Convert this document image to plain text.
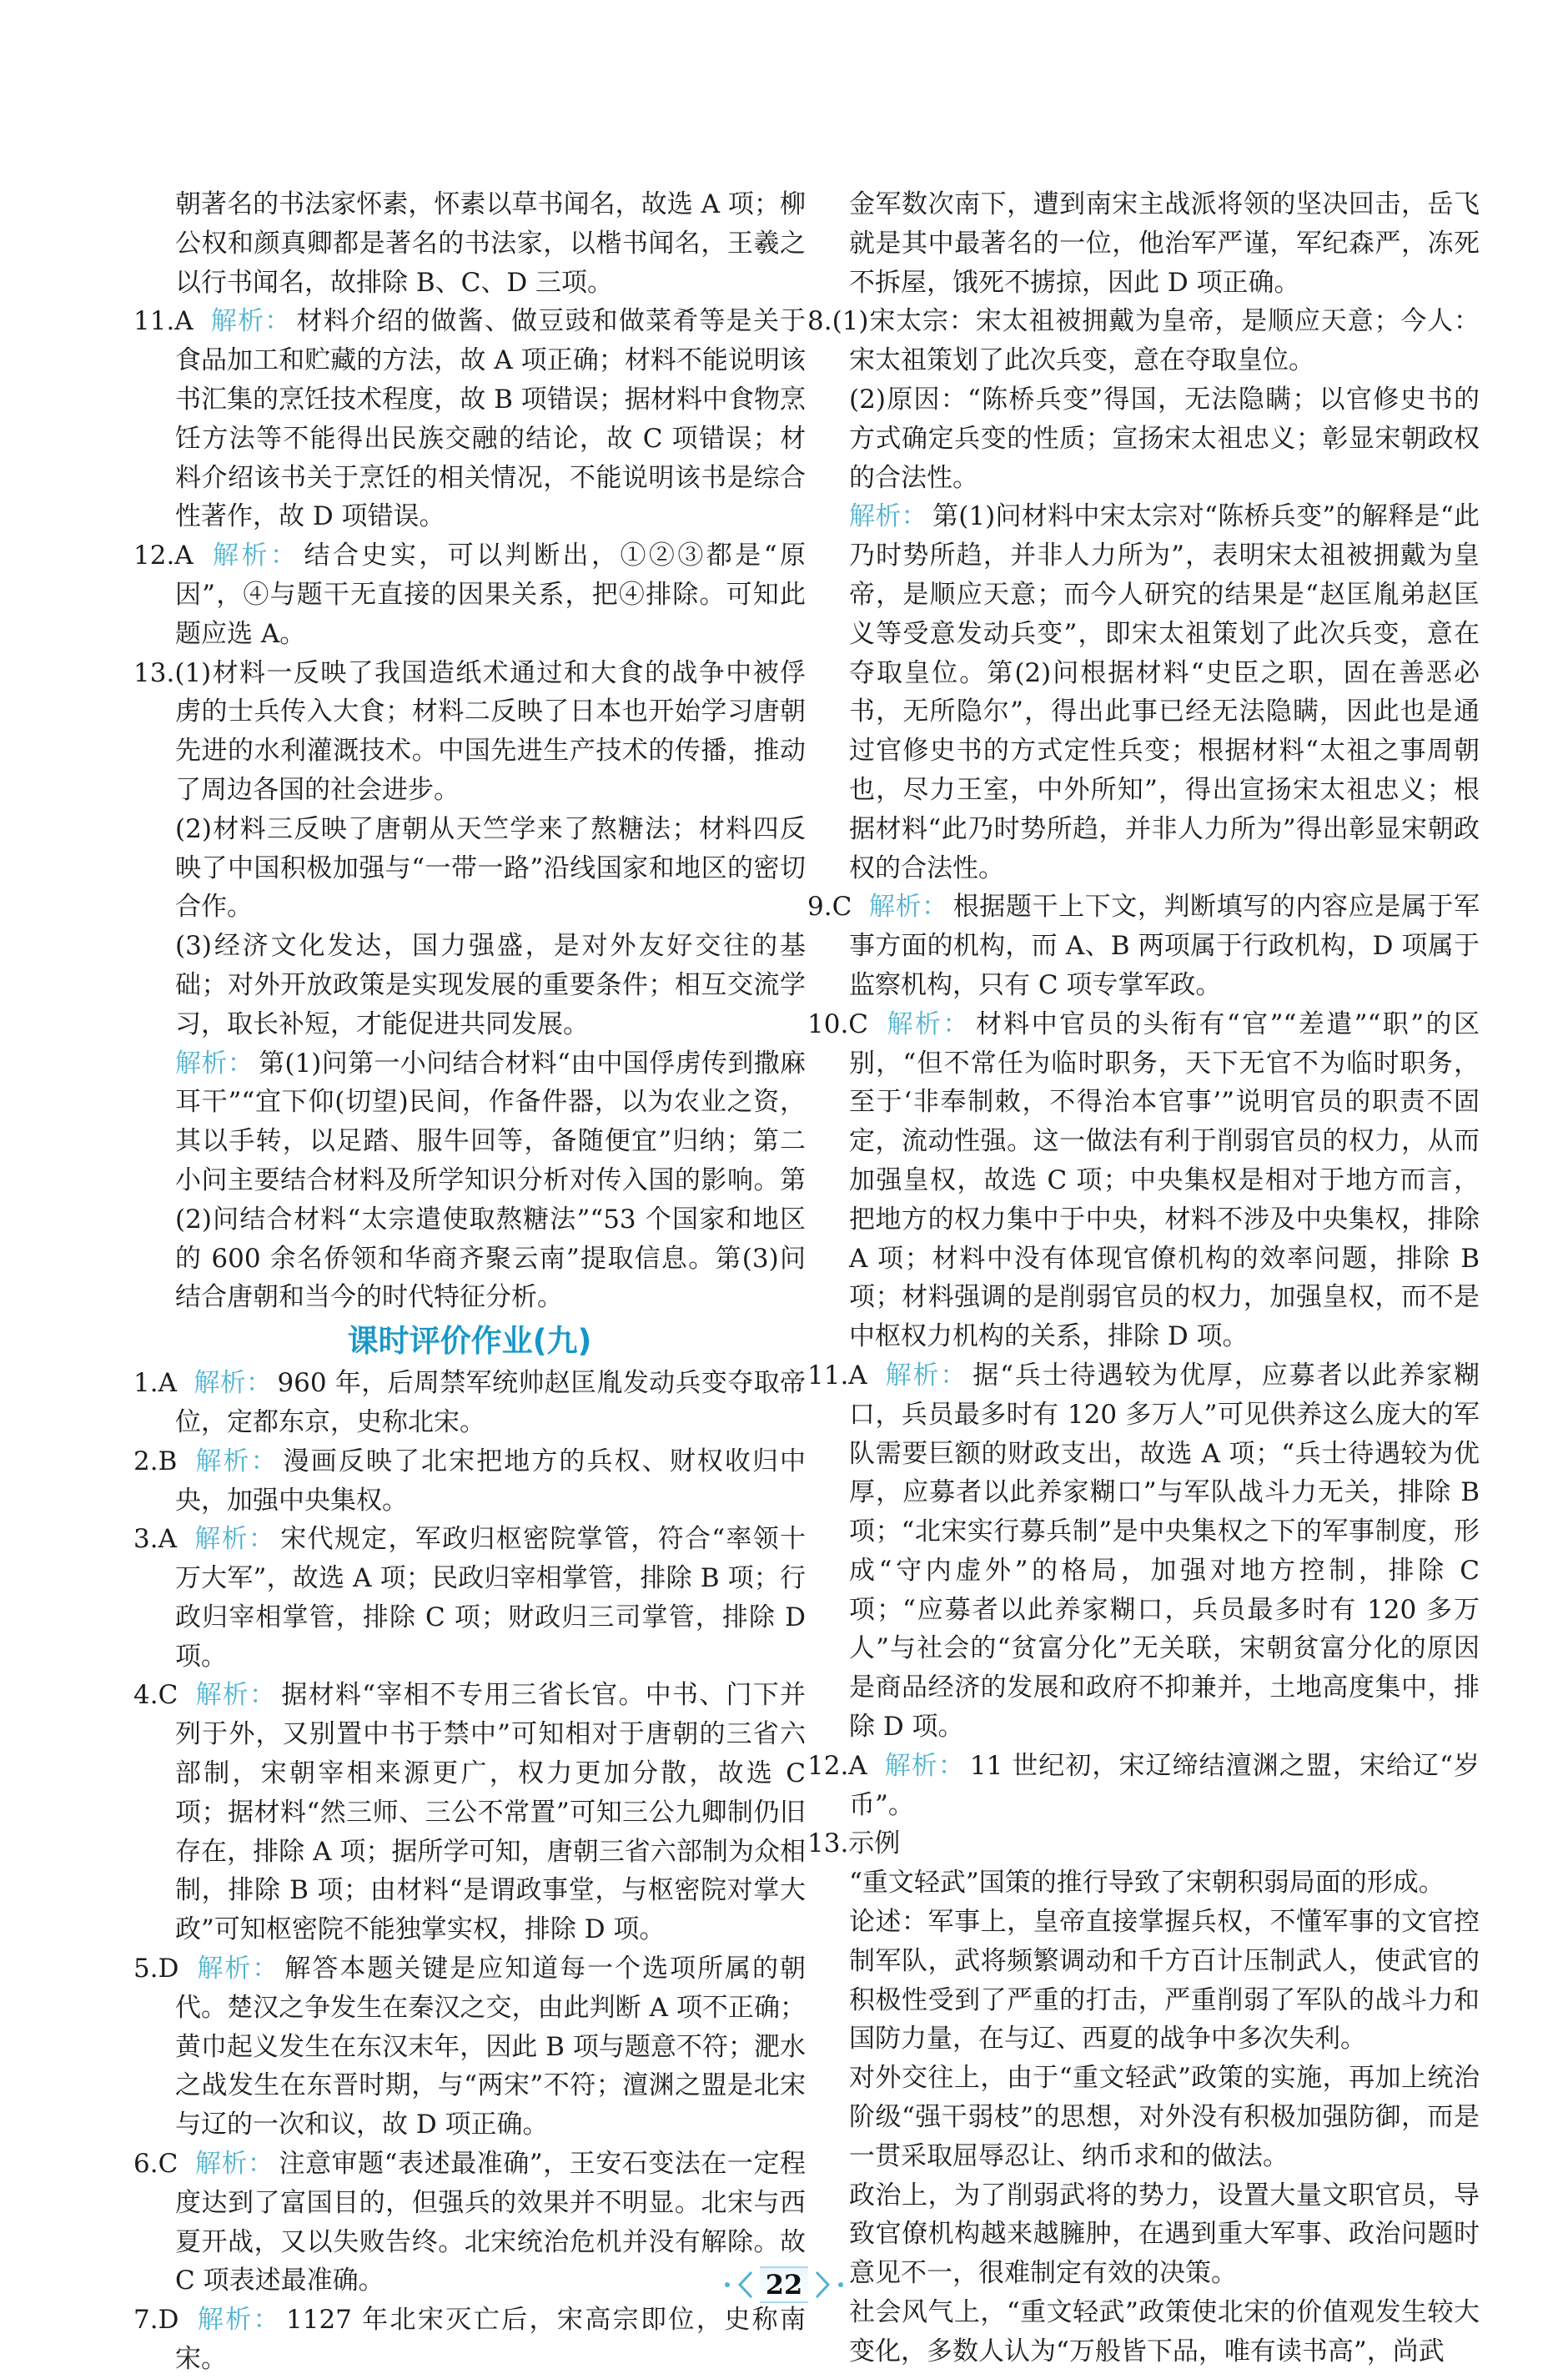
朝著名的书法家怀素，怀素以草书闻名，故选 A 项；柳公权和颜真卿都是著名的书法家，以楷书闻名，王羲之以行书闻名，故排除 B、C、D 三项。

11.A 解析： 材料介绍的做酱、做豆豉和做菜肴等是关于食品加工和贮藏的方法，故 A 项正确；材料不能说明该书汇集的烹饪技术程度，故 B 项错误；据材料中食物烹饪方法等不能得出民族交融的结论，故 C 项错误；材料介绍该书关于烹饪的相关情况，不能说明该书是综合性著作，故 D 项错误。

12.A 解析： 结合史实，可以判断出，①②③都是“原因”，④与题干无直接的因果关系，把④排除。可知此题应选 A。

13.(1)材料一反映了我国造纸术通过和大食的战争中被俘虏的士兵传入大食；材料二反映了日本也开始学习唐朝先进的水利灌溉技术。中国先进生产技术的传播，推动了周边各国的社会进步。

(2)材料三反映了唐朝从天竺学来了熬糖法；材料四反映了中国积极加强与“一带一路”沿线国家和地区的密切合作。

(3)经济文化发达，国力强盛，是对外友好交往的基础；对外开放政策是实现发展的重要条件；相互交流学习，取长补短，才能促进共同发展。

解析： 第(1)问第一小问结合材料“由中国俘虏传到撒麻耳干”“宜下仰(切望)民间，作备件器，以为农业之资，其以手转，以足踏、服牛回等，备随便宜”归纳；第二小问主要结合材料及所学知识分析对传入国的影响。第(2)问结合材料“太宗遣使取熬糖法”“53 个国家和地区的 600 余名侨领和华商齐聚云南”提取信息。第(3)问结合唐朝和当今的时代特征分析。

课时评价作业(九)

1.A 解析： 960 年，后周禁军统帅赵匡胤发动兵变夺取帝位，定都东京，史称北宋。

2.B 解析： 漫画反映了北宋把地方的兵权、财权收归中央，加强中央集权。

3.A 解析： 宋代规定，军政归枢密院掌管，符合“率领十万大军”，故选 A 项；民政归宰相掌管，排除 B 项；行政归宰相掌管，排除 C 项；财政归三司掌管，排除 D 项。

4.C 解析： 据材料“宰相不专用三省长官。中书、门下并列于外，又别置中书于禁中”可知相对于唐朝的三省六部制，宋朝宰相来源更广，权力更加分散，故选 C 项；据材料“然三师、三公不常置”可知三公九卿制仍旧存在，排除 A 项；据所学可知，唐朝三省六部制为众相制，排除 B 项；由材料“是谓政事堂，与枢密院对掌大政”可知枢密院不能独掌实权，排除 D 项。

5.D 解析： 解答本题关键是应知道每一个选项所属的朝代。楚汉之争发生在秦汉之交，由此判断 A 项不正确；黄巾起义发生在东汉末年，因此 B 项与题意不符；淝水之战发生在东晋时期，与“两宋”不符；澶渊之盟是北宋与辽的一次和议，故 D 项正确。

6.C 解析： 注意审题“表述最准确”，王安石变法在一定程度达到了富国目的，但强兵的效果并不明显。北宋与西夏开战，又以失败告终。北宋统治危机并没有解除。故 C 项表述最准确。

7.D 解析： 1127 年北宋灭亡后，宋高宗即位，史称南宋。

金军数次南下，遭到南宋主战派将领的坚决回击，岳飞就是其中最著名的一位，他治军严谨，军纪森严，冻死不拆屋，饿死不掳掠，因此 D 项正确。

8.(1)宋太宗：宋太祖被拥戴为皇帝，是顺应天意；今人：宋太祖策划了此次兵变，意在夺取皇位。

(2)原因：“陈桥兵变”得国，无法隐瞒；以官修史书的方式确定兵变的性质；宣扬宋太祖忠义；彰显宋朝政权的合法性。

解析： 第(1)问材料中宋太宗对“陈桥兵变”的解释是“此乃时势所趋，并非人力所为”，表明宋太祖被拥戴为皇帝，是顺应天意；而今人研究的结果是“赵匡胤弟赵匡义等受意发动兵变”，即宋太祖策划了此次兵变，意在夺取皇位。第(2)问根据材料“史臣之职，固在善恶必书，无所隐尔”，得出此事已经无法隐瞒，因此也是通过官修史书的方式定性兵变；根据材料“太祖之事周朝也，尽力王室，中外所知”，得出宣扬宋太祖忠义；根据材料“此乃时势所趋，并非人力所为”得出彰显宋朝政权的合法性。

9.C 解析： 根据题干上下文，判断填写的内容应是属于军事方面的机构，而 A、B 两项属于行政机构，D 项属于监察机构，只有 C 项专掌军政。

10.C 解析： 材料中官员的头衔有“官”“差遣”“职”的区别，“但不常任为临时职务，天下无官不为临时职务，至于‘非奉制敕，不得治本官事’”说明官员的职责不固定，流动性强。这一做法有利于削弱官员的权力，从而加强皇权，故选 C 项；中央集权是相对于地方而言，把地方的权力集中于中央，材料不涉及中央集权，排除 A 项；材料中没有体现官僚机构的效率问题，排除 B 项；材料强调的是削弱官员的权力，加强皇权，而不是中枢权力机构的关系，排除 D 项。

11.A 解析： 据“兵士待遇较为优厚，应募者以此养家糊口，兵员最多时有 120 多万人”可见供养这么庞大的军队需要巨额的财政支出，故选 A 项；“兵士待遇较为优厚，应募者以此养家糊口”与军队战斗力无关，排除 B 项；“北宋实行募兵制”是中央集权之下的军事制度，形成“守内虚外”的格局，加强对地方控制，排除 C 项；“应募者以此养家糊口，兵员最多时有 120 多万人”与社会的“贫富分化”无关联，宋朝贫富分化的原因是商品经济的发展和政府不抑兼并，土地高度集中，排除 D 项。

12.A 解析： 11 世纪初，宋辽缔结澶渊之盟，宋给辽“岁币”。

13.示例

“重文轻武”国策的推行导致了宋朝积弱局面的形成。

论述：军事上，皇帝直接掌握兵权，不懂军事的文官控制军队，武将频繁调动和千方百计压制武人，使武官的积极性受到了严重的打击，严重削弱了军队的战斗力和国防力量，在与辽、西夏的战争中多次失利。

对外交往上，由于“重文轻武”政策的实施，再加上统治阶级“强干弱枝”的思想，对外没有积极加强防御，而是一贯采取屈辱忍让、纳币求和的做法。

政治上，为了削弱武将的势力，设置大量文职官员，导致官僚机构越来越臃肿，在遇到重大军事、政治问题时意见不一，很难制定有效的决策。

社会风气上，“重文轻武”政策使北宋的价值观发生较大变化，多数人认为“万般皆下品，唯有读书高”，尚武

22
